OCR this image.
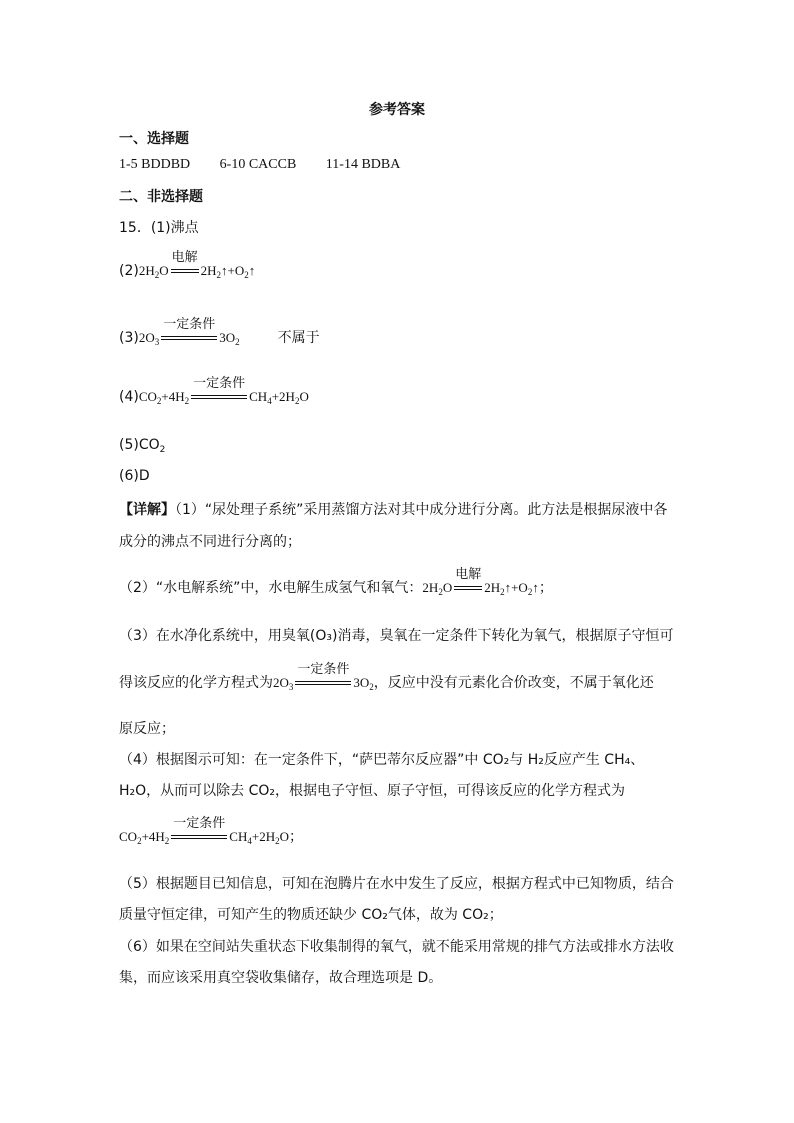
参考答案
一、选择题
1-5 BDDBD 6-10 CACCB 11-14 BDBA
二、非选择题
15．(1)沸点
$(2)2H_2O$
电解
$2H_2↑+O_2↑$
$(3)2O_3$
一定条件
$3O_2$	不属于
$(4)CO_2+4H_2$
一定条件
$CH_4+2H_2O$
$(5)CO_2$
(6)D
【详解】（1）“尿处理子系统”采用蒸馏方法对其中成分进行分离。此方法是根据尿液中各
成分的沸点不同进行分离的；
（2）“水电解系统”中，水电解生成氢气和氧气：$2H_2O$
电解
$2H_2↑+O_2↑$；
（3）在水净化系统中，用臭氧(O₃)消毒，臭氧在一定条件下转化为氧气，根据原子守恒可
得该反应的化学方程式为$2O_3$
一定条件
$3O_2$，反应中没有元素化合价改变，不属于氧化还
原反应；
（4）根据图示可知：在一定条件下，“萨巴蒂尔反应器”中 CO₂与 H₂反应产生 CH₄、
H₂O，从而可以除去 CO₂，根据电子守恒、原子守恒，可得该反应的化学方程式为
$CO_2+4H_2$
一定条件
$CH_4+2H_2O$；
（5）根据题目已知信息，可知在泡腾片在水中发生了反应，根据方程式中已知物质，结合
质量守恒定律，可知产生的物质还缺少 CO₂气体，故为 CO₂；
（6）如果在空间站失重状态下收集制得的氧气，就不能采用常规的排气方法或排水方法收
集，而应该采用真空袋收集储存，故合理选项是 D。
